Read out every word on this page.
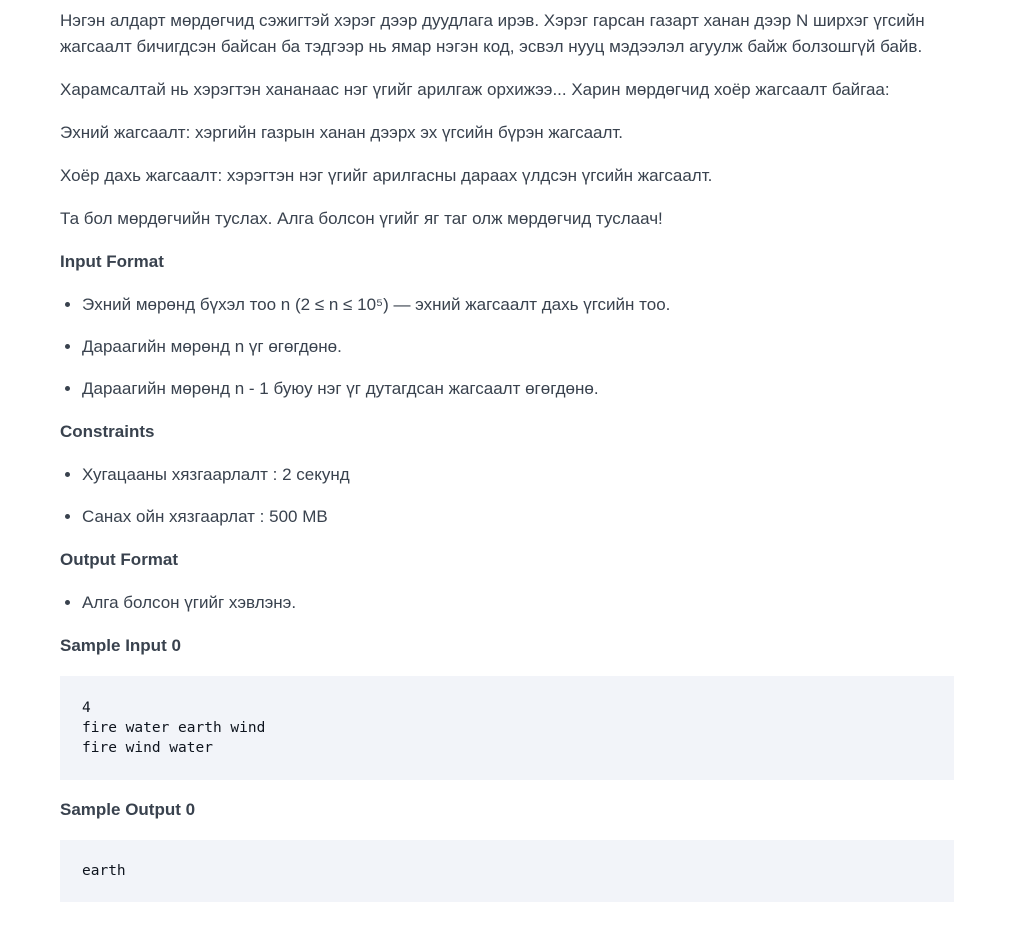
Нэгэн алдарт мөрдөгчид сэжигтэй хэрэг дээр дуудлага ирэв. Хэрэг гарсан газарт ханан дээр N ширхэг үгсийн жагсаалт бичигдсэн байсан ба тэдгээр нь ямар нэгэн код, эсвэл нууц мэдээлэл агуулж байж болзошгүй байв.

Харамсалтай нь хэрэгтэн хананаас нэг үгийг арилгаж орхижээ... Харин мөрдөгчид хоёр жагсаалт байгаа:

Эхний жагсаалт: хэргийн газрын ханан дээрх эх үгсийн бүрэн жагсаалт.

Хоёр дахь жагсаалт: хэрэгтэн нэг үгийг арилгасны дараах үлдсэн үгсийн жагсаалт.

Та бол мөрдөгчийн туслах. Алга болсон үгийг яг таг олж мөрдөгчид туслаач!

Input Format
• Эхний мөрөнд бүхэл тоо n (2 ≤ n ≤ 10⁵) — эхний жагсаалт дахь үгсийн тоо.
• Дараагийн мөрөнд n үг өгөгдөнө.
• Дараагийн мөрөнд n - 1 буюу нэг үг дутагдсан жагсаалт өгөгдөнө.
Constraints
• Хугацааны хязгаарлалт : 2 секунд
• Санах ойн хязгаарлат : 500 MB
Output Format
• Алга болсон үгийг хэвлэнэ.
Sample Input 0
4
fire water earth wind
fire wind water
Sample Output 0
earth
